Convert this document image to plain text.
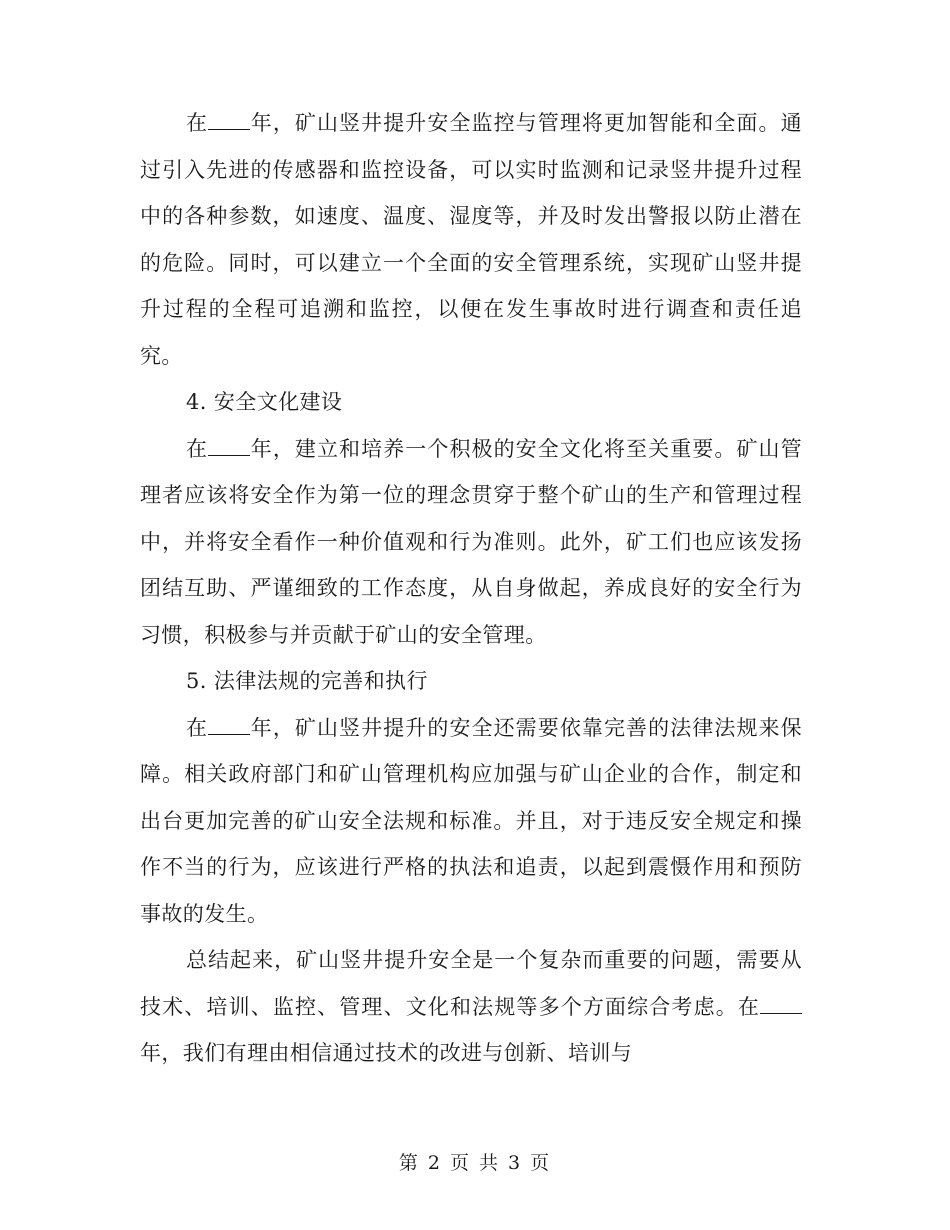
在 年，矿山竖井提升安全监控与管理将更加智能和全面。通过引入先进的传感器和监控设备，可以实时监测和记录竖井提升过程中的各种参数，如速度、温度、湿度等，并及时发出警报以防止潜在的危险。同时，可以建立一个全面的安全管理系统，实现矿山竖井提升过程的全程可追溯和监控，以便在发生事故时进行调查和责任追究。

4. 安全文化建设

在 年，建立和培养一个积极的安全文化将至关重要。矿山管理者应该将安全作为第一位的理念贯穿于整个矿山的生产和管理过程中，并将安全看作一种价值观和行为准则。此外，矿工们也应该发扬团结互助、严谨细致的工作态度，从自身做起，养成良好的安全行为习惯，积极参与并贡献于矿山的安全管理。

5. 法律法规的完善和执行

在 年，矿山竖井提升的安全还需要依靠完善的法律法规来保障。相关政府部门和矿山管理机构应加强与矿山企业的合作，制定和出台更加完善的矿山安全法规和标准。并且，对于违反安全规定和操作不当的行为，应该进行严格的执法和追责，以起到震慑作用和预防事故的发生。

总结起来，矿山竖井提升安全是一个复杂而重要的问题，需要从技术、培训、监控、管理、文化和法规等多个方面综合考虑。在年，我们有理由相信通过技术的改进与创新、培训与

第 2 页 共 3 页
